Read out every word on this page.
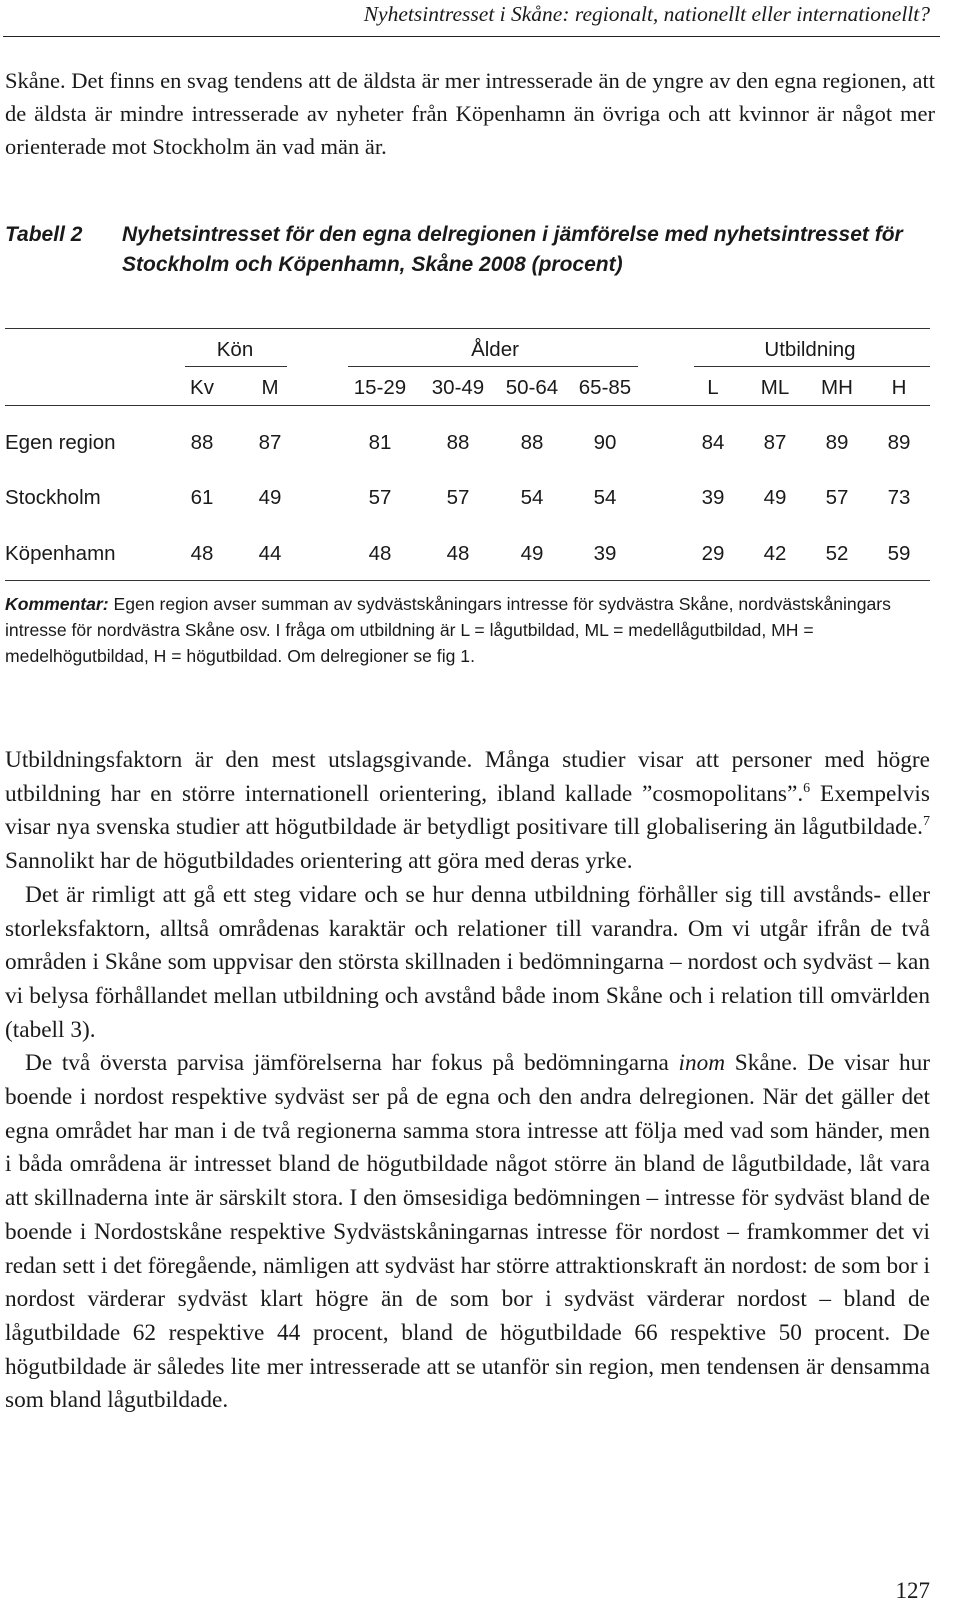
Nyhetsintresset i Skåne: regionalt, nationellt eller internationellt?

Skåne. Det finns en svag tendens att de äldsta är mer intresserade än de yngre av den egna regionen, att de äldsta är mindre intresserade av nyheter från Köpenhamn än övriga och att kvinnor är något mer orienterade mot Stockholm än vad män är.

Tabell 2 Nyhetsintresset för den egna delregionen i jämförelse med nyhetsintresset för Stockholm och Köpenhamn, Skåne 2008 (procent)
Kön	Ålder	Utbildning
Kv M	15-29 30-49 50-64 65-85	L ML MH H
Egen region	88 87	81	88 88 90	84 87 89 89
Stockholm	61 49	57	57 54 54	39 49 57 73
Köpenhamn	48 44	48	48 49 39	29 42 52 59

Kommentar: Egen region avser summan av sydvästskåningars intresse för sydvästra Skåne, nordvästskåningars intresse för nordvästra Skåne osv. I fråga om utbildning är L = lågutbildad, ML = medellågutbildad, MH = medelhögutbildad, H = högutbildad. Om delregioner se fig 1.

Utbildningsfaktorn är den mest utslagsgivande. Många studier visar att personer med högre utbildning har en större internationell orientering, ibland kallade ”cosmopolitans”.$^6$ Exempelvis visar nya svenska studier att högutbildade är betydligt positivare till globalisering än lågutbildade.$^7$ Sannolikt har de högutbildades orientering att göra med deras yrke.

Det är rimligt att gå ett steg vidare och se hur denna utbildning förhåller sig till avstånds- eller storleksfaktorn, alltså områdenas karaktär och relationer till varandra. Om vi utgår ifrån de två områden i Skåne som uppvisar den största skillnaden i bedömningarna – nordost och sydväst – kan vi belysa förhållandet mellan utbildning och avstånd både inom Skåne och i relation till omvärlden (tabell 3).

De två översta parvisa jämförelserna har fokus på bedömningarna inom Skåne. De visar hur boende i nordost respektive sydväst ser på de egna och den andra delregionen. När det gäller det egna området har man i de två regionerna samma stora intresse att följa med vad som händer, men i båda områdena är intresset bland de högutbildade något större än bland de lågutbildade, låt vara att skillnaderna inte är särskilt stora. I den ömsesidiga bedömningen – intresse för sydväst bland de boende i Nordostskåne respektive Sydvästskåningarnas intresse för nordost – framkommer det vi redan sett i det föregående, nämligen att sydväst har större attraktionskraft än nordost: de som bor i nordost värderar sydväst klart högre än de som bor i sydväst värderar nordost – bland de lågutbildade 62 respektive 44 procent, bland de högutbildade 66 respektive 50 procent. De högutbildade är således lite mer intresserade att se utanför sin region, men tendensen är densamma som bland lågutbildade.

127
